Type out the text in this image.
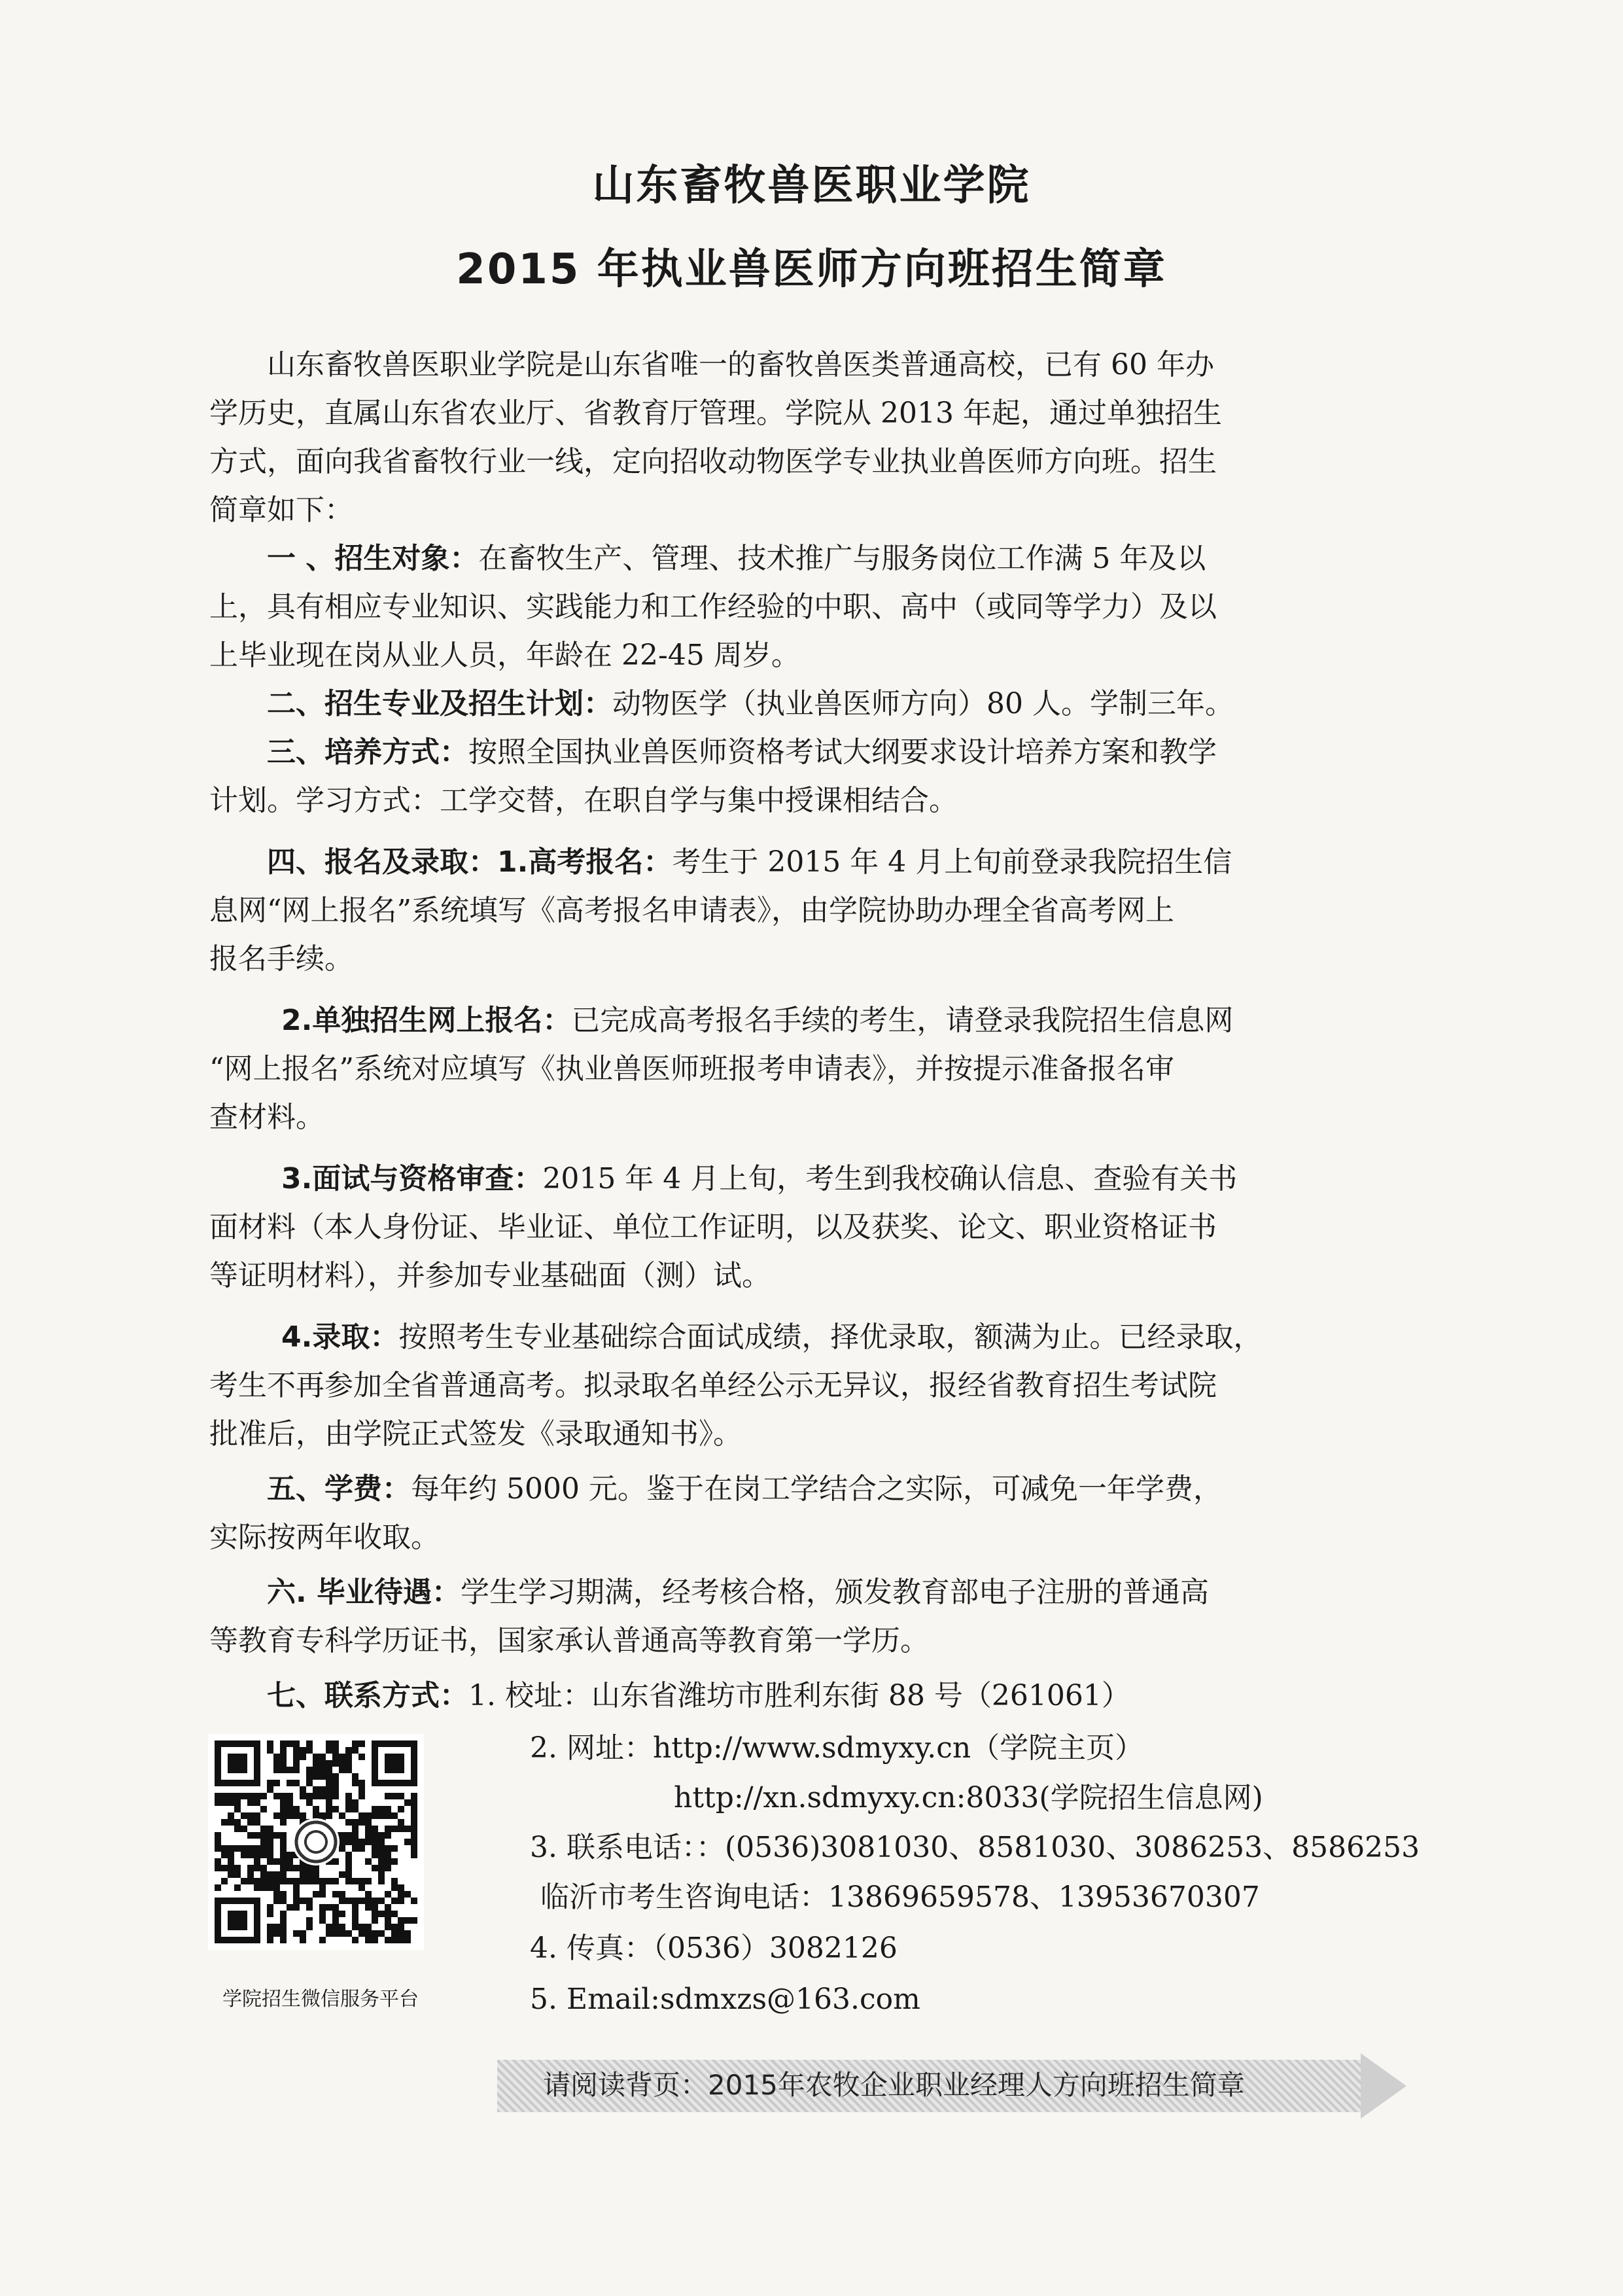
山东畜牧兽医职业学院
2015 年执业兽医师方向班招生简章

山东畜牧兽医职业学院是山东省唯一的畜牧兽医类普通高校，已有 60 年办

学历史，直属山东省农业厅、省教育厅管理。学院从 2013 年起，通过单独招生

方式，面向我省畜牧行业一线，定向招收动物医学专业执业兽医师方向班。招生

简章如下：

一 、招生对象：在畜牧生产、管理、技术推广与服务岗位工作满 5 年及以

上，具有相应专业知识、实践能力和工作经验的中职、高中（或同等学力）及以

上毕业现在岗从业人员，年龄在 22-45 周岁。

二、招生专业及招生计划：动物医学（执业兽医师方向）80 人。学制三年。

三、培养方式：按照全国执业兽医师资格考试大纲要求设计培养方案和教学

计划。学习方式：工学交替，在职自学与集中授课相结合。

四、报名及录取：1.高考报名：考生于 2015 年 4 月上旬前登录我院招生信

息网“网上报名”系统填写《高考报名申请表》，由学院协助办理全省高考网上

报名手续。

2.单独招生网上报名：已完成高考报名手续的考生，请登录我院招生信息网

“网上报名”系统对应填写《执业兽医师班报考申请表》，并按提示准备报名审

查材料。

3.面试与资格审查：2015 年 4 月上旬，考生到我校确认信息、查验有关书

面材料（本人身份证、毕业证、单位工作证明，以及获奖、论文、职业资格证书

等证明材料），并参加专业基础面（测）试。

4.录取：按照考生专业基础综合面试成绩，择优录取，额满为止。已经录取，

考生不再参加全省普通高考。拟录取名单经公示无异议，报经省教育招生考试院

批准后，由学院正式签发《录取通知书》。

五、学费：每年约 5000 元。鉴于在岗工学结合之实际，可减免一年学费，

实际按两年收取。

六. 毕业待遇：学生学习期满，经考核合格，颁发教育部电子注册的普通高

等教育专科学历证书，国家承认普通高等教育第一学历。

七、联系方式：1. 校址：山东省潍坊市胜利东街 88 号（261061）

2. 网址：http://www.sdmyxy.cn（学院主页）

http://xn.sdmyxy.cn:8033(学院招生信息网)

3. 联系电话：：(0536)3081030、8581030、3086253、8586253

临沂市考生咨询电话：13869659578、13953670307

4. 传真：（0536）3082126

5. Email:sdmxzs@163.com

学院招生微信服务平台
请阅读背页：2015年农牧企业职业经理人方向班招生简章
